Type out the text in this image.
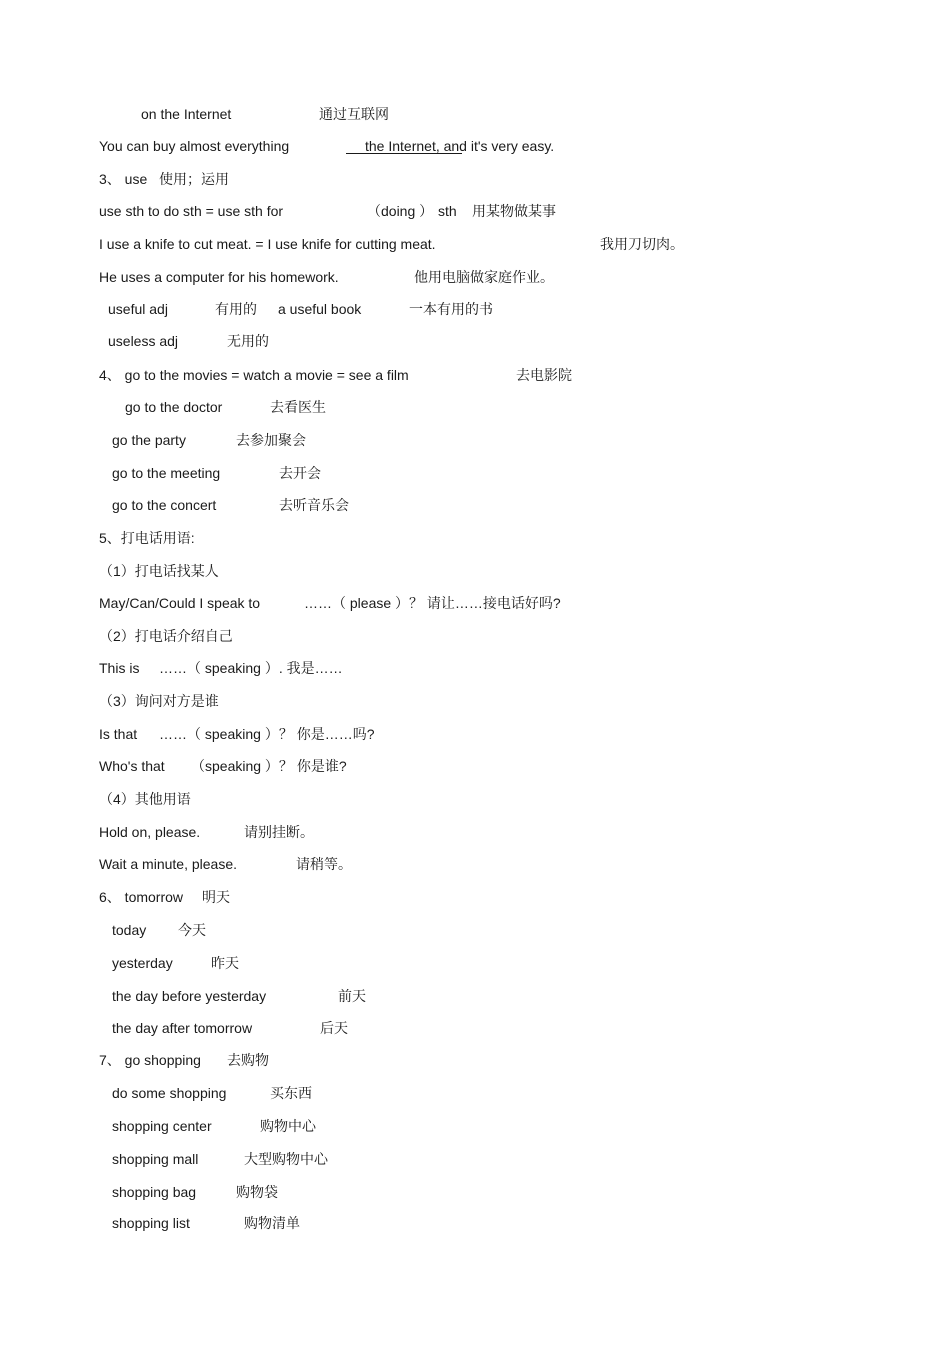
on the Internet	通过互联网
You can buy almost everything	the Internet, and it's very easy.
3、 use 使用；运用
use sth to do sth = use sth for	（doing ） sth 用某物做某事
I use a knife to cut meat. = I use knife for cutting meat.	我用刀切肉。
He uses a computer for his homework.	他用电脑做家庭作业。
useful adj	有用的 a useful book	一本有用的书
useless adj	无用的
4、 go to the movies = watch a movie = see a film	去电影院
go to the doctor	去看医生
go the party	去参加聚会
go to the meeting	去开会
go to the concert	去听音乐会
5、打电话用语:
（1）打电话找某人
May/Can/Could I speak to	……（ please ）？ 请让……接电话好吗?
（2）打电话介绍自己
This is ……（ speaking ）. 我是……
（3）询问对方是谁
Is that ……（ speaking ）？ 你是……吗?
Who's that （speaking ）？ 你是谁?
（4）其他用语
Hold on, please.	请别挂断。
Wait a minute, please.	请稍等。
6、 tomorrow 明天
today 今天
yesterday	昨天
the day before yesterday	前天
the day after tomorrow	后天
7、 go shopping 去购物
do some shopping	买东西
shopping center	购物中心
shopping mall	大型购物中心
shopping bag	购物袋
shopping list	购物清单
